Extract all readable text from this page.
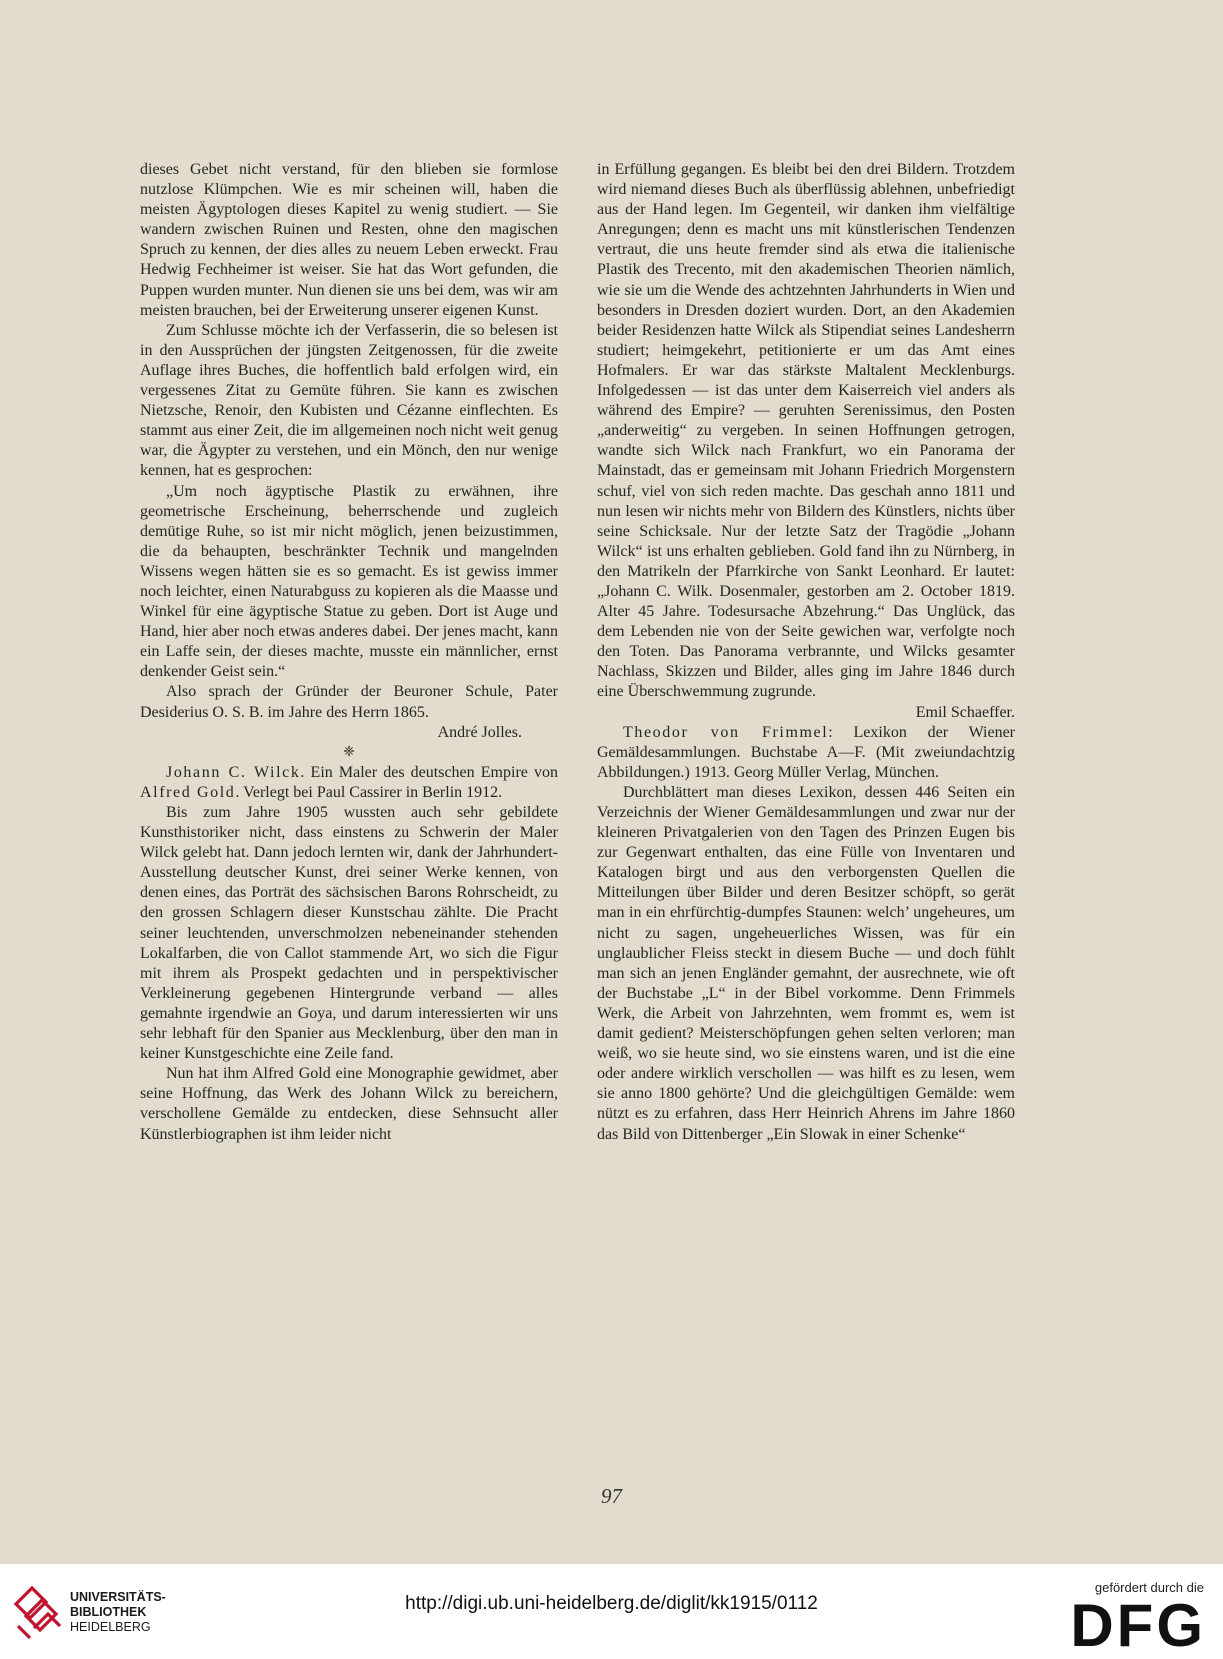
dieses Gebet nicht verstand, für den blieben sie formlose nutzlose Klümpchen. Wie es mir scheinen will, haben die meisten Ägyptologen dieses Kapitel zu wenig studiert. — Sie wandern zwischen Ruinen und Resten, ohne den magischen Spruch zu kennen, der dies alles zu neuem Leben erweckt. Frau Hedwig Fechheimer ist weiser. Sie hat das Wort gefunden, die Puppen wurden munter. Nun dienen sie uns bei dem, was wir am meisten brauchen, bei der Erweiterung unserer eigenen Kunst.

Zum Schlusse möchte ich der Verfasserin, die so belesen ist in den Aussprüchen der jüngsten Zeitgenossen, für die zweite Auflage ihres Buches, die hoffentlich bald erfolgen wird, ein vergessenes Zitat zu Gemüte führen. Sie kann es zwischen Nietzsche, Renoir, den Kubisten und Cézanne einflechten. Es stammt aus einer Zeit, die im allgemeinen noch nicht weit genug war, die Ägypter zu verstehen, und ein Mönch, den nur wenige kennen, hat es gesprochen:

„Um noch ägyptische Plastik zu erwähnen, ihre geometrische Erscheinung, beherrschende und zugleich demütige Ruhe, so ist mir nicht möglich, jenen beizustimmen, die da behaupten, beschränkter Technik und mangelnden Wissens wegen hätten sie es so gemacht. Es ist gewiss immer noch leichter, einen Naturabguss zu kopieren als die Maasse und Winkel für eine ägyptische Statue zu geben. Dort ist Auge und Hand, hier aber noch etwas anderes dabei. Der jenes macht, kann ein Laffe sein, der dieses machte, musste ein männlicher, ernst denkender Geist sein.“

Also sprach der Gründer der Beuroner Schule, Pater Desiderius O. S. B. im Jahre des Herrn 1865.

André Jolles.

❈

Johann C. Wilck. Ein Maler des deutschen Empire von Alfred Gold. Verlegt bei Paul Cassirer in Berlin 1912.

Bis zum Jahre 1905 wussten auch sehr gebildete Kunsthistoriker nicht, dass einstens zu Schwerin der Maler Wilck gelebt hat. Dann jedoch lernten wir, dank der Jahrhundert-Ausstellung deutscher Kunst, drei seiner Werke kennen, von denen eines, das Porträt des sächsischen Barons Rohrscheidt, zu den grossen Schlagern dieser Kunstschau zählte. Die Pracht seiner leuchtenden, unverschmolzen nebeneinander stehenden Lokalfarben, die von Callot stammende Art, wo sich die Figur mit ihrem als Prospekt gedachten und in perspektivischer Verkleinerung gegebenen Hintergrunde verband — alles gemahnte irgendwie an Goya, und darum interessierten wir uns sehr lebhaft für den Spanier aus Mecklenburg, über den man in keiner Kunstgeschichte eine Zeile fand.

Nun hat ihm Alfred Gold eine Monographie gewidmet, aber seine Hoffnung, das Werk des Johann Wilck zu bereichern, verschollene Gemälde zu entdecken, diese Sehnsucht aller Künstlerbiographen ist ihm leider nicht

in Erfüllung gegangen. Es bleibt bei den drei Bildern. Trotzdem wird niemand dieses Buch als überflüssig ablehnen, unbefriedigt aus der Hand legen. Im Gegenteil, wir danken ihm vielfältige Anregungen; denn es macht uns mit künstlerischen Tendenzen vertraut, die uns heute fremder sind als etwa die italienische Plastik des Trecento, mit den akademischen Theorien nämlich, wie sie um die Wende des achtzehnten Jahrhunderts in Wien und besonders in Dresden doziert wurden. Dort, an den Akademien beider Residenzen hatte Wilck als Stipendiat seines Landesherrn studiert; heimgekehrt, petitionierte er um das Amt eines Hofmalers. Er war das stärkste Maltalent Mecklenburgs. Infolgedessen — ist das unter dem Kaiserreich viel anders als während des Empire? — geruhten Serenissimus, den Posten „anderweitig“ zu vergeben. In seinen Hoffnungen getrogen, wandte sich Wilck nach Frankfurt, wo ein Panorama der Mainstadt, das er gemeinsam mit Johann Friedrich Morgenstern schuf, viel von sich reden machte. Das geschah anno 1811 und nun lesen wir nichts mehr von Bildern des Künstlers, nichts über seine Schicksale. Nur der letzte Satz der Tragödie „Johann Wilck“ ist uns erhalten geblieben. Gold fand ihn zu Nürnberg, in den Matrikeln der Pfarrkirche von Sankt Leonhard. Er lautet: „Johann C. Wilk. Dosenmaler, gestorben am 2. October 1819. Alter 45 Jahre. Todesursache Abzehrung.“ Das Unglück, das dem Lebenden nie von der Seite gewichen war, verfolgte noch den Toten. Das Panorama verbrannte, und Wilcks gesamter Nachlass, Skizzen und Bilder, alles ging im Jahre 1846 durch eine Überschwemmung zugrunde.

Emil Schaeffer.

Theodor von Frimmel: Lexikon der Wiener Gemäldesammlungen. Buchstabe A—F. (Mit zweiundachtzig Abbildungen.) 1913. Georg Müller Verlag, München.

Durchblättert man dieses Lexikon, dessen 446 Seiten ein Verzeichnis der Wiener Gemäldesammlungen und zwar nur der kleineren Privatgalerien von den Tagen des Prinzen Eugen bis zur Gegenwart enthalten, das eine Fülle von Inventaren und Katalogen birgt und aus den verborgensten Quellen die Mitteilungen über Bilder und deren Besitzer schöpft, so gerät man in ein ehrfürchtig-dumpfes Staunen: welch’ ungeheures, um nicht zu sagen, ungeheuerliches Wissen, was für ein unglaublicher Fleiss steckt in diesem Buche — und doch fühlt man sich an jenen Engländer gemahnt, der ausrechnete, wie oft der Buchstabe „L“ in der Bibel vorkomme. Denn Frimmels Werk, die Arbeit von Jahrzehnten, wem frommt es, wem ist damit gedient? Meisterschöpfungen gehen selten verloren; man weiß, wo sie heute sind, wo sie einstens waren, und ist die eine oder andere wirklich verschollen — was hilft es zu lesen, wem sie anno 1800 gehörte? Und die gleichgültigen Gemälde: wem nützt es zu erfahren, dass Herr Heinrich Ahrens im Jahre 1860 das Bild von Dittenberger „Ein Slowak in einer Schenke“

97
UNIVERSITÄTS-
BIBLIOTHEK
HEIDELBERG
http://digi.ub.uni-heidelberg.de/diglit/kk1915/0112
gefördert durch die
DFG
